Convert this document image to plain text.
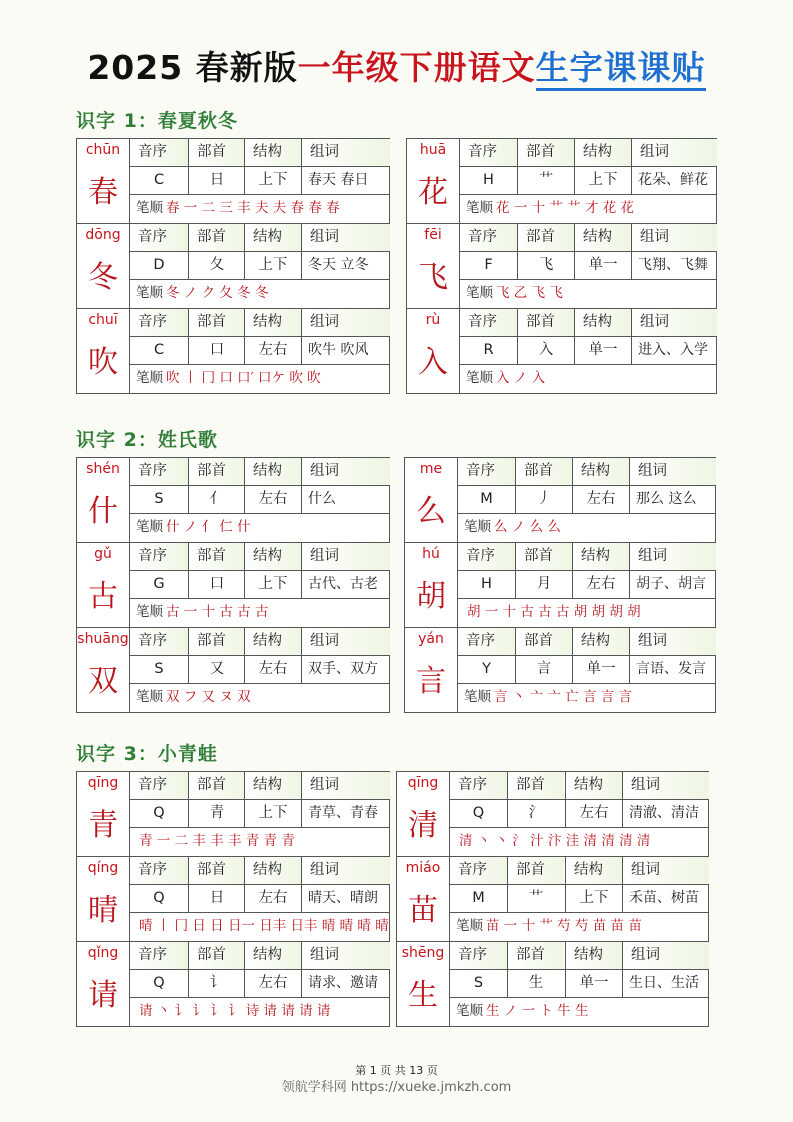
2025 春新版一年级下册语文生字课课贴
识字 1：春夏秋冬
chūn
春
音序	部首	结构	组词
C	日	上下	春天 春日
笔顺 春 一 二 三 丰 夫 夫 春 春 春
dōng
冬
音序	部首	结构	组词
D	夂	上下	冬天 立冬
笔顺 冬 ノ ク 夂 冬 冬
chuī
吹
音序	部首	结构	组词
C	口	左右	吹牛 吹风
笔顺 吹 丨 冂 口 口′ 口ケ 吹 吹
huā
花
音序	部首	结构	组词
H	艹	上下	花朵、鲜花
笔顺 花 一 十 艹 艹 才 花 花
fēi
飞
音序	部首	结构	组词
F	飞	单一	飞翔、飞舞
笔顺 飞 乙 飞 飞
rù
入
音序	部首	结构	组词
R	入	单一	进入、入学
笔顺 入 ノ 入
识字 2：姓氏歌
shén
什
音序	部首	结构	组词
S	亻	左右	什么
笔顺 什 ノ 亻 仁 什
gǔ
古
音序	部首	结构	组词
G	口	上下	古代、古老
笔顺 古 一 十 古 古 古
shuāng
双
音序	部首	结构	组词
S	又	左右	双手、双方
笔顺 双 フ 又 ヌ 双
me
么
音序	部首	结构	组词
M	丿	左右	那么 这么
笔顺 么 ノ 么 么
hú
胡
音序	部首	结构	组词
H	月	左右	胡子、胡言
胡 一 十 古 古 古 胡 胡 胡 胡
yán
言
音序	部首	结构	组词
Y	言	单一	言语、发言
笔顺 言 丶 亠 亠 亡 言 言 言
识字 3：小青蛙
qīng
青
音序	部首	结构	组词
Q	青	上下	青草、青春
青 一 二 丰 丰 丰 青 青 青
qíng
晴
音序	部首	结构	组词
Q	日	左右	晴天、晴朗
晴 丨 冂 日 日 日一 日丰 日丰 晴 晴 晴 晴
qǐng
请
音序	部首	结构	组词
Q	讠	左右	请求、邀请
请 丶 讠 讠 讠 讠 诗 请 请 请 请
qīng
清
音序	部首	结构	组词
Q	氵	左右	清澈、清洁
清 丶 丶 氵 汁 汴 洼 清 清 清 清
miáo
苗
音序	部首	结构	组词
M	艹	上下	禾苗、树苗
笔顺 苗 一 十 艹 芍 芍 苗 苗 苗
shēng
生
音序	部首	结构	组词
S	生	单一	生日、生活
笔顺 生 ノ 一 ト 牛 生
第 1 页 共 13 页
领航学科网 https://xueke.jmkzh.com
